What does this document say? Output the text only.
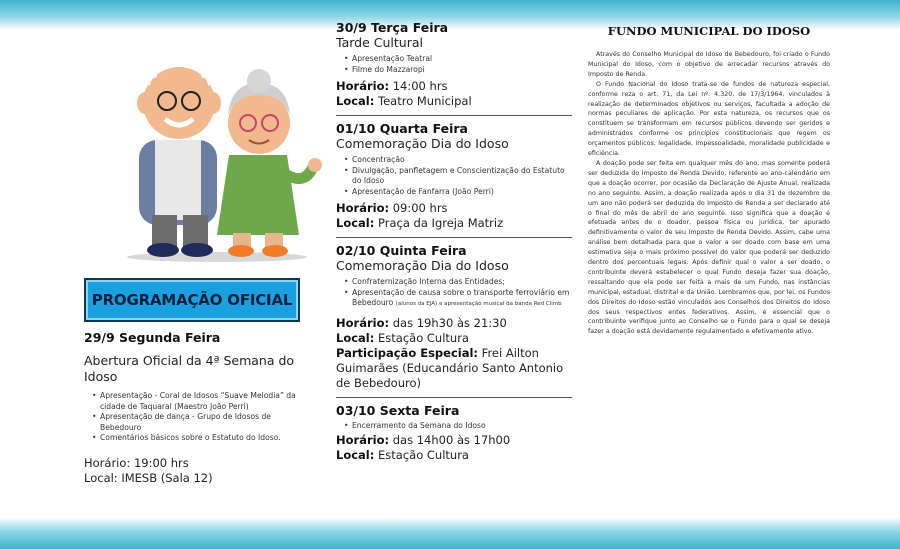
PROGRAMAÇÃO OFICIAL
29/9 Segunda Feira
Abertura Oficial da 4ª Semana do Idoso
• Apresentação - Coral de Idosos “Suave Melodia” da cidade de Taquaral (Maestro João Perri)
• Apresentação de dança - Grupo de Idosos de Bebedouro
• Comentários básicos sobre o Estatuto do Idoso.
Horário: 19:00 hrs
Local: IMESB (Sala 12)
30/9 Terça Feira
Tarde Cultural
• Apresentação Teatral
• Filme do Mazzaropi
Horário: 14:00 hrs
Local: Teatro Municipal
01/10 Quarta Feira
Comemoração Dia do Idoso
• Concentração
• Divulgação, panfletagem e Conscientização do Estatuto do Idoso
• Apresentação de Fanfarra (João Perri)
Horário: 09:00 hrs
Local: Praça da Igreja Matriz
02/10 Quinta Feira
Comemoração Dia do Idoso
• Confraternização Interna das Entidades;
• Apresentação de causa sobre o transporte ferroviário em Bebedouro (alunos da EJA) e apresentação musical da banda Red Climb
Horário: das 19h30 às 21:30
Local: Estação Cultura
Participação Especial: Frei Ailton Guimarães (Educandário Santo Antonio de Bebedouro)
03/10 Sexta Feira
• Encerramento da Semana do Idoso
Horário: das 14h00 às 17h00
Local: Estação Cultura
FUNDO MUNICIPAL DO IDOSO

Através do Conselho Municipal do Idoso de Bebedouro, foi criado o Fundo Municipal do Idoso, com o objetivo de arrecadar recursos através do Imposto de Renda.

O Fundo Nacional do Idoso trata-se de fundos de natureza especial, conforme reza o art. 71, da Lei nº. 4.320, de 17/3/1964, vinculados à realização de determinados objetivos ou serviços, facultada a adoção de normas peculiares de aplicação. Por esta natureza, os recursos que os constituem se transformam em recursos públicos devendo ser geridos e administrados conforme os princípios constitucionais que regem os orçamentos públicos: legalidade, impessoalidade, moralidade publicidade e eficiência.

A doação pode ser feita em qualquer mês do ano, mas somente poderá ser deduzida do Imposto de Renda Devido, referente ao ano-calendário em que a doação ocorrer, por ocasião da Declaração de Ajuste Anual, realizada no ano seguinte. Assim, a doação realizada após o dia 31 de dezembro de um ano não poderá ser deduzida do Imposto de Renda a ser declarado até o final do mês de abril do ano seguinte. Isso significa que a doação é efetuada antes de o doador, pessoa física ou jurídica, ter apurado definitivamente o valor de seu Imposto de Renda Devido. Assim, cabe uma análise bem detalhada para que o valor a ser doado com base em uma estimativa seja o mais próximo possível do valor que poderá ser deduzido dentro dos percentuais legais. Após definir qual o valor a ser doado, o contribuinte deverá estabelecer o qual Fundo deseja fazer sua doação, ressaltando que ela pode ser feita a mais de um Fundo, nas instâncias municipal, estadual, distrital e da União. Lembramos que, por lei, os Fundos dos Direitos do Idoso estão vinculados aos Conselhos dos Direitos do Idoso dos seus respectivos entes federativos. Assim, é essencial que o contribuinte verifique junto ao Conselho se o Fundo para o qual se deseja fazer a doação está devidamente regulamentado e efetivamente ativo.
